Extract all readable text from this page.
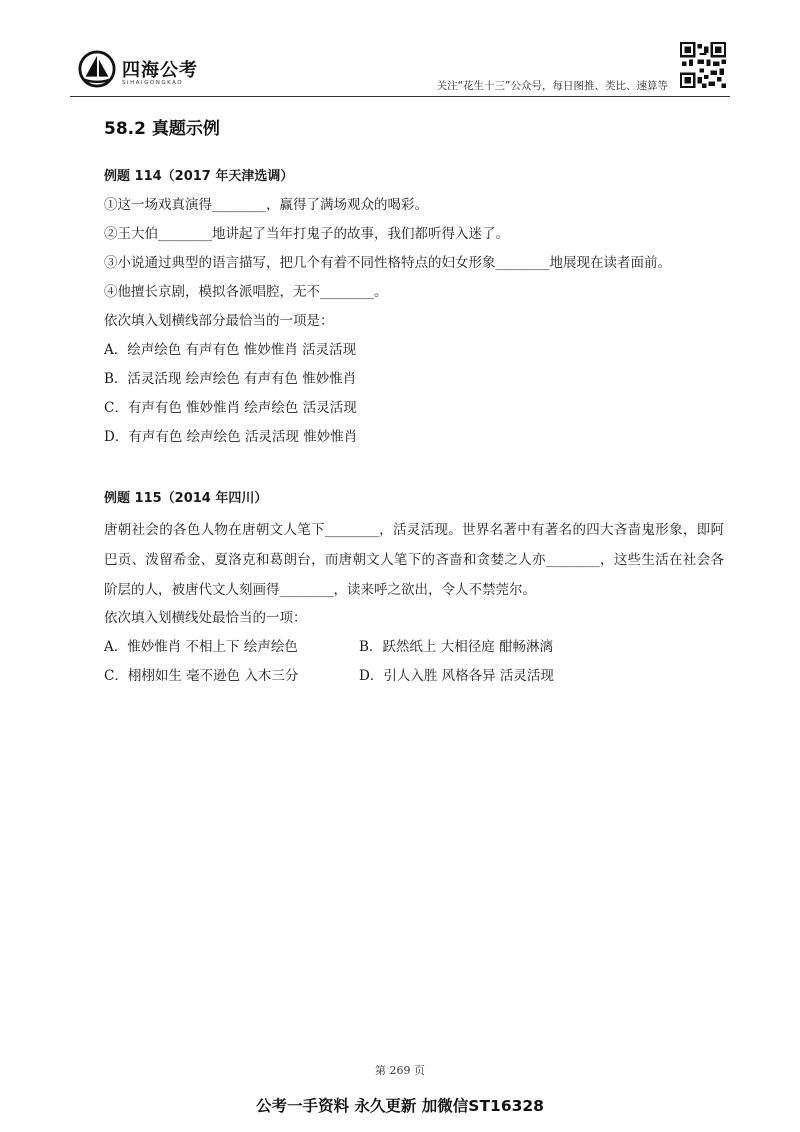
四海公考
SIHAIGONGKAO	关注“花生十三”公众号，每日图推、类比、速算等
58.2 真题示例
例题 114（2017 年天津选调）
①这一场戏真演得________，赢得了满场观众的喝彩。
②王大伯________地讲起了当年打鬼子的故事，我们都听得入迷了。
③小说通过典型的语言描写，把几个有着不同性格特点的妇女形象________地展现在读者面前。
④他擅长京剧，模拟各派唱腔，无不________。
依次填入划横线部分最恰当的一项是：
A．绘声绘色 有声有色 惟妙惟肖 活灵活现
B．活灵活现 绘声绘色 有声有色 惟妙惟肖
C．有声有色 惟妙惟肖 绘声绘色 活灵活现
D．有声有色 绘声绘色 活灵活现 惟妙惟肖
例题 115（2014 年四川）
唐朝社会的各色人物在唐朝文人笔下________，活灵活现。世界名著中有著名的四大吝啬鬼形象，即阿巴贡、泼留希金、夏洛克和葛朗台，而唐朝文人笔下的吝啬和贪婪之人亦________，这些生活在社会各阶层的人，被唐代文人刻画得________，读来呼之欲出，令人不禁莞尔。
依次填入划横线处最恰当的一项：
A．惟妙惟肖 不相上下 绘声绘色	B．跃然纸上 大相径庭 酣畅淋漓
C．栩栩如生 毫不逊色 入木三分	D．引人入胜 风格各异 活灵活现
第 269 页
公考一手资料 永久更新 加微信ST16328
